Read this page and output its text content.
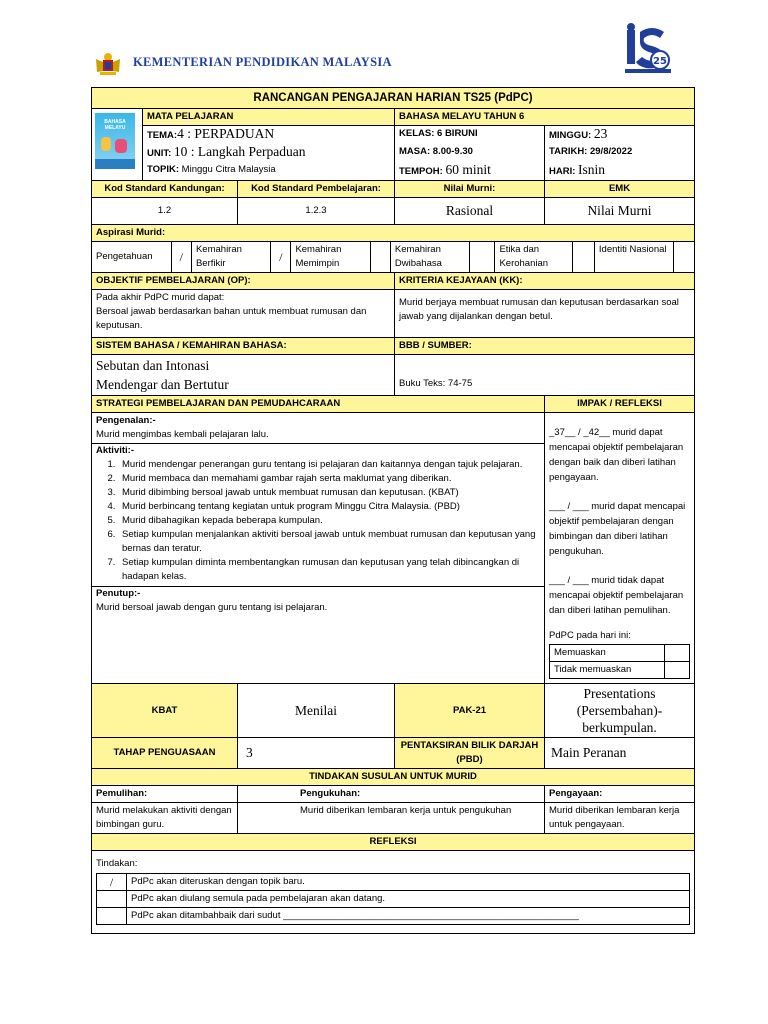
KEMENTERIAN PENDIDIKAN MALAYSIA	25
RANCANGAN PENGAJARAN HARIAN TS25 (PdPC)

BAHASA MELAYU
	MATA PELAJARAN	BAHASA MELAYU TAHUN 6
TEMA:4 : PERPADUAN	KELAS: 6 BIRUNI	MINGGU: 23
UNIT: 10 : Langkah Perpaduan	MASA: 8.00-9.30	TARIKH: 29/8/2022
TOPIK: Minggu Citra Malaysia	TEMPOH: 60 minit	HARI: Isnin
Kod Standard Kandungan:	Kod Standard Pembelajaran:	Nilai Murni:	EMK
1.2	1.2.3	Rasional	Nilai Murni
Aspirasi Murid:

Pengetahuan	/	Kemahiran Berfikir	/	Kemahiran Memimpin		Kemahiran Dwibahasa		Etika dan Kerohanian		Identiti Nasional	

OBJEKTIF PEMBELAJARAN (OP):	KRITERIA KEJAYAAN (KK):

Pada akhir PdPC murid dapat:
Bersoal jawab berdasarkan bahan untuk membuat rumusan dan keputusan.
	Murid berjaya membuat rumusan dan keputusan berdasarkan soal jawab yang dijalankan dengan betul.
SISTEM BAHASA / KEMAHIRAN BAHASA:	BBB / SUMBER:

Sebutan dan Intonasi
Mendengar dan Bertutur	Buku Teks: 74-75
STRATEGI PEMBELAJARAN DAN PEMUDAHCARAAN	IMPAK / REFLEKSI

Pengenalan:-
Murid mengimbas kembali pelajaran lalu.
Aktiviti:-
1. Murid mendengar penerangan guru tentang isi pelajaran dan kaitannya dengan tajuk pelajaran.
2. Murid membaca dan memahami gambar rajah serta maklumat yang diberikan.
3. Murid dibimbing bersoal jawab untuk membuat rumusan dan keputusan. (KBAT)
4. Murid berbincang tentang kegiatan untuk program Minggu Citra Malaysia. (PBD)
5. Murid dibahagikan kepada beberapa kumpulan.
6. Setiap kumpulan menjalankan aktiviti bersoal jawab untuk membuat rumusan dan keputusan yang bernas dan teratur.
7. Setiap kumpulan diminta membentangkan rumusan dan keputusan yang telah dibincangkan di hadapan kelas.
Penutup:-
Murid bersoal jawab dengan guru tentang isi pelajaran.

_37__ / _42__ murid dapat mencapai objektif pembelajaran dengan baik dan diberi latihan pengayaan.
___ / ___ murid dapat mencapai objektif pembelajaran dengan bimbingan dan diberi latihan pengukuhan.
___ / ___ murid tidak dapat mencapai objektif pembelajaran dan diberi latihan pemulihan.
PdPC pada hari ini:
Memuaskan	
Tidak memuaskan	

KBAT	Menilai	PAK-21	Presentations (Persembahan)- berkumpulan.
TAHAP PENGUASAAN	3	PENTAKSIRAN BILIK DARJAH (PBD)	Main Peranan
TINDAKAN SUSULAN UNTUK MURID
Pemulihan:	Pengukuhan:	Pengayaan:
Murid melakukan aktiviti dengan bimbingan guru.	Murid diberikan lembaran kerja untuk pengukuhan	Murid diberikan lembaran kerja untuk pengayaan.
REFLEKSI

Tindakan:
/	PdPc akan diteruskan dengan topik baru.
	PdPc akan diulang semula pada pembelajaran akan datang.
	PdPc akan ditambahbaik dari sudut ________________________________________________________
